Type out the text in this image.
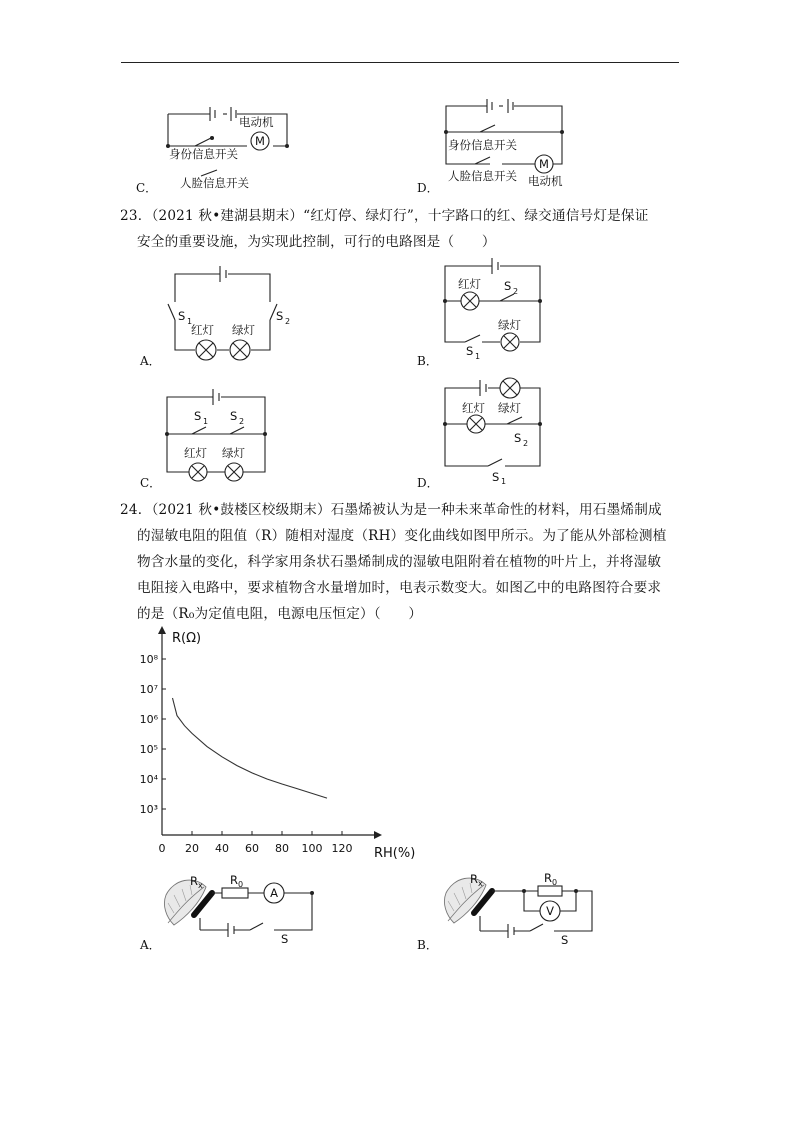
M
电动机
身份信息开关
人脸信息开关
C．
M
身份信息开关
人脸信息开关 电动机
D．
23．（2021 秋•建湖县期末）“红灯停、绿灯行”，十字路口的红、绿交通信号灯是保证
安全的重要设施，为实现此控制，可行的电路图是（　　）
S 1	S 2
红灯 绿灯
A．
红灯 S 2
绿灯
S 1
B．
S 1 S 2
红灯 绿灯
C．
红灯 绿灯
S 2
S 1
D．
24．（2021 秋•鼓楼区校级期末）石墨烯被认为是一种未来革命性的材料，用石墨烯制成
的湿敏电阻的阻值（R）随相对湿度（RH）变化曲线如图甲所示。为了能从外部检测植
物含水量的变化，科学家用条状石墨烯制成的湿敏电阻附着在植物的叶片上，并将湿敏
电阻接入电路中，要求植物含水量增加时，电表示数变大。如图乙中的电路图符合要求
的是（R₀为定值电阻，电源电压恒定）（　　）
R(Ω)
RH(%)
0 20 40 60 80 100 120
10³
10⁴
10⁵
10⁶
10⁷
10⁸
R x R 0
A
S
A．
R x	R 0
V
S
B．
